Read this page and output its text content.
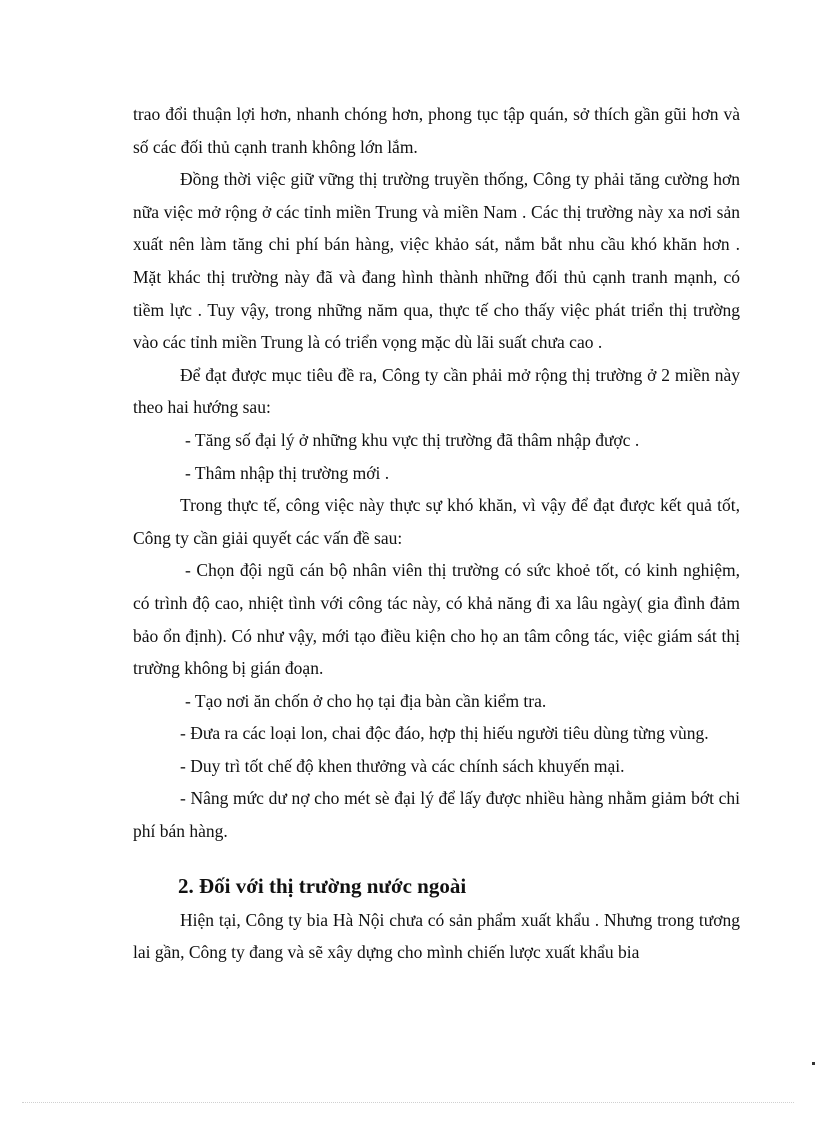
trao đổi thuận lợi hơn, nhanh chóng hơn, phong tục tập quán, sở thích gần gũi hơn và số các đối thủ cạnh tranh không lớn lắm.

Đồng thời việc giữ vững thị trường truyền thống, Công ty phải tăng cường hơn nữa việc mở rộng ở các tỉnh miền Trung và miền Nam . Các thị trường này xa nơi sản xuất nên làm tăng chi phí bán hàng, việc khảo sát, nắm bắt nhu cầu khó khăn hơn . Mặt khác thị trường này đã và đang hình thành những đối thủ cạnh tranh mạnh, có tiềm lực . Tuy vậy, trong những năm qua, thực tế cho thấy việc phát triển thị trường vào các tỉnh miền Trung là có triển vọng mặc dù lãi suất chưa cao .

Để đạt được mục tiêu đề ra, Công ty cần phải mở rộng thị trường ở 2 miền này theo hai hướng sau:

- Tăng số đại lý ở những khu vực thị trường đã thâm nhập được .

- Thâm nhập thị trường mới .

Trong thực tế, công việc này thực sự khó khăn, vì vậy để đạt được kết quả tốt, Công ty cần giải quyết các vấn đề sau:

- Chọn đội ngũ cán bộ nhân viên thị trường có sức khoẻ tốt, có kinh nghiệm, có trình độ cao, nhiệt tình với công tác này, có khả năng đi xa lâu ngày( gia đình đảm bảo ổn định). Có như vậy, mới tạo điều kiện cho họ an tâm công tác, việc giám sát thị trường không bị gián đoạn.

- Tạo nơi ăn chốn ở cho họ tại địa bàn cần kiểm tra.

- Đưa ra các loại lon, chai độc đáo, hợp thị hiếu người tiêu dùng từng vùng.

- Duy trì tốt chế độ khen thưởng và các chính sách khuyến mại.

- Nâng mức dư nợ cho mét sè đại lý để lấy được nhiều hàng nhằm giảm bớt chi phí bán hàng.

2. Đối với thị trường nước ngoài

Hiện tại, Công ty bia Hà Nội chưa có sản phẩm xuất khẩu . Nhưng trong tương lai gần, Công ty đang và sẽ xây dựng cho mình chiến lược xuất khẩu bia
